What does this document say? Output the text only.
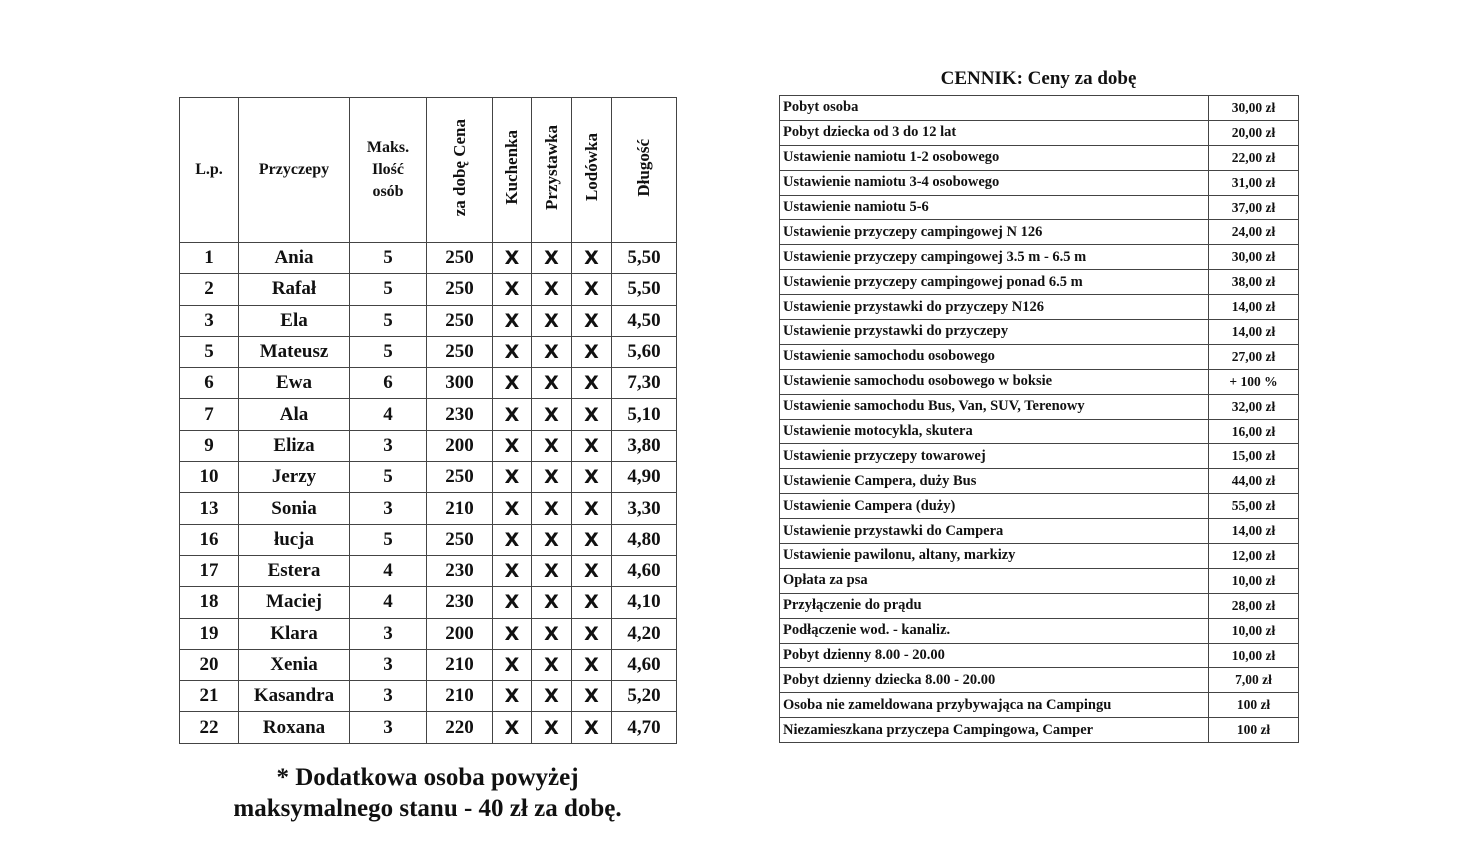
L.p.	Przyczepy	Maks.
Ilość
osób	za dobę Cena	Kuchenka	Przystawka	Lodówka	Długość
1	Ania	5	250	X	X	X	5,50
2	Rafał	5	250	X	X	X	5,50
3	Ela	5	250	X	X	X	4,50
5	Mateusz	5	250	X	X	X	5,60
6	Ewa	6	300	X	X	X	7,30
7	Ala	4	230	X	X	X	5,10
9	Eliza	3	200	X	X	X	3,80
10	Jerzy	5	250	X	X	X	4,90
13	Sonia	3	210	X	X	X	3,30
16	łucja	5	250	X	X	X	4,80
17	Estera	4	230	X	X	X	4,60
18	Maciej	4	230	X	X	X	4,10
19	Klara	3	200	X	X	X	4,20
20	Xenia	3	210	X	X	X	4,60
21	Kasandra	3	210	X	X	X	5,20
22	Roxana	3	220	X	X	X	4,70
* Dodatkowa osoba powyżej
maksymalnego stanu - 40 zł za dobę.
CENNIK: Ceny za dobę
Pobyt osoba	30,00 zł
Pobyt dziecka od 3 do 12 lat	20,00 zł
Ustawienie namiotu 1-2 osobowego	22,00 zł
Ustawienie namiotu 3-4 osobowego	31,00 zł
Ustawienie namiotu 5-6	37,00 zł
Ustawienie przyczepy campingowej N 126	24,00 zł
Ustawienie przyczepy campingowej 3.5 m - 6.5 m	30,00 zł
Ustawienie przyczepy campingowej ponad 6.5 m	38,00 zł
Ustawienie przystawki do przyczepy N126	14,00 zł
Ustawienie przystawki do przyczepy	14,00 zł
Ustawienie samochodu osobowego	27,00 zł
Ustawienie samochodu osobowego w boksie	+ 100 %
Ustawienie samochodu Bus, Van, SUV, Terenowy	32,00 zł
Ustawienie motocykla, skutera	16,00 zł
Ustawienie przyczepy towarowej	15,00 zł
Ustawienie Campera, duży Bus	44,00 zł
Ustawienie Campera (duży)	55,00 zł
Ustawienie przystawki do Campera	14,00 zł
Ustawienie pawilonu, altany, markizy	12,00 zł
Opłata za psa	10,00 zł
Przyłączenie do prądu	28,00 zł
Podłączenie wod. - kanaliz.	10,00 zł
Pobyt dzienny 8.00 - 20.00	10,00 zł
Pobyt dzienny dziecka 8.00 - 20.00	7,00 zł
Osoba nie zameldowana przybywająca na Campingu	100 zł
Niezamieszkana przyczepa Campingowa, Camper	100 zł
